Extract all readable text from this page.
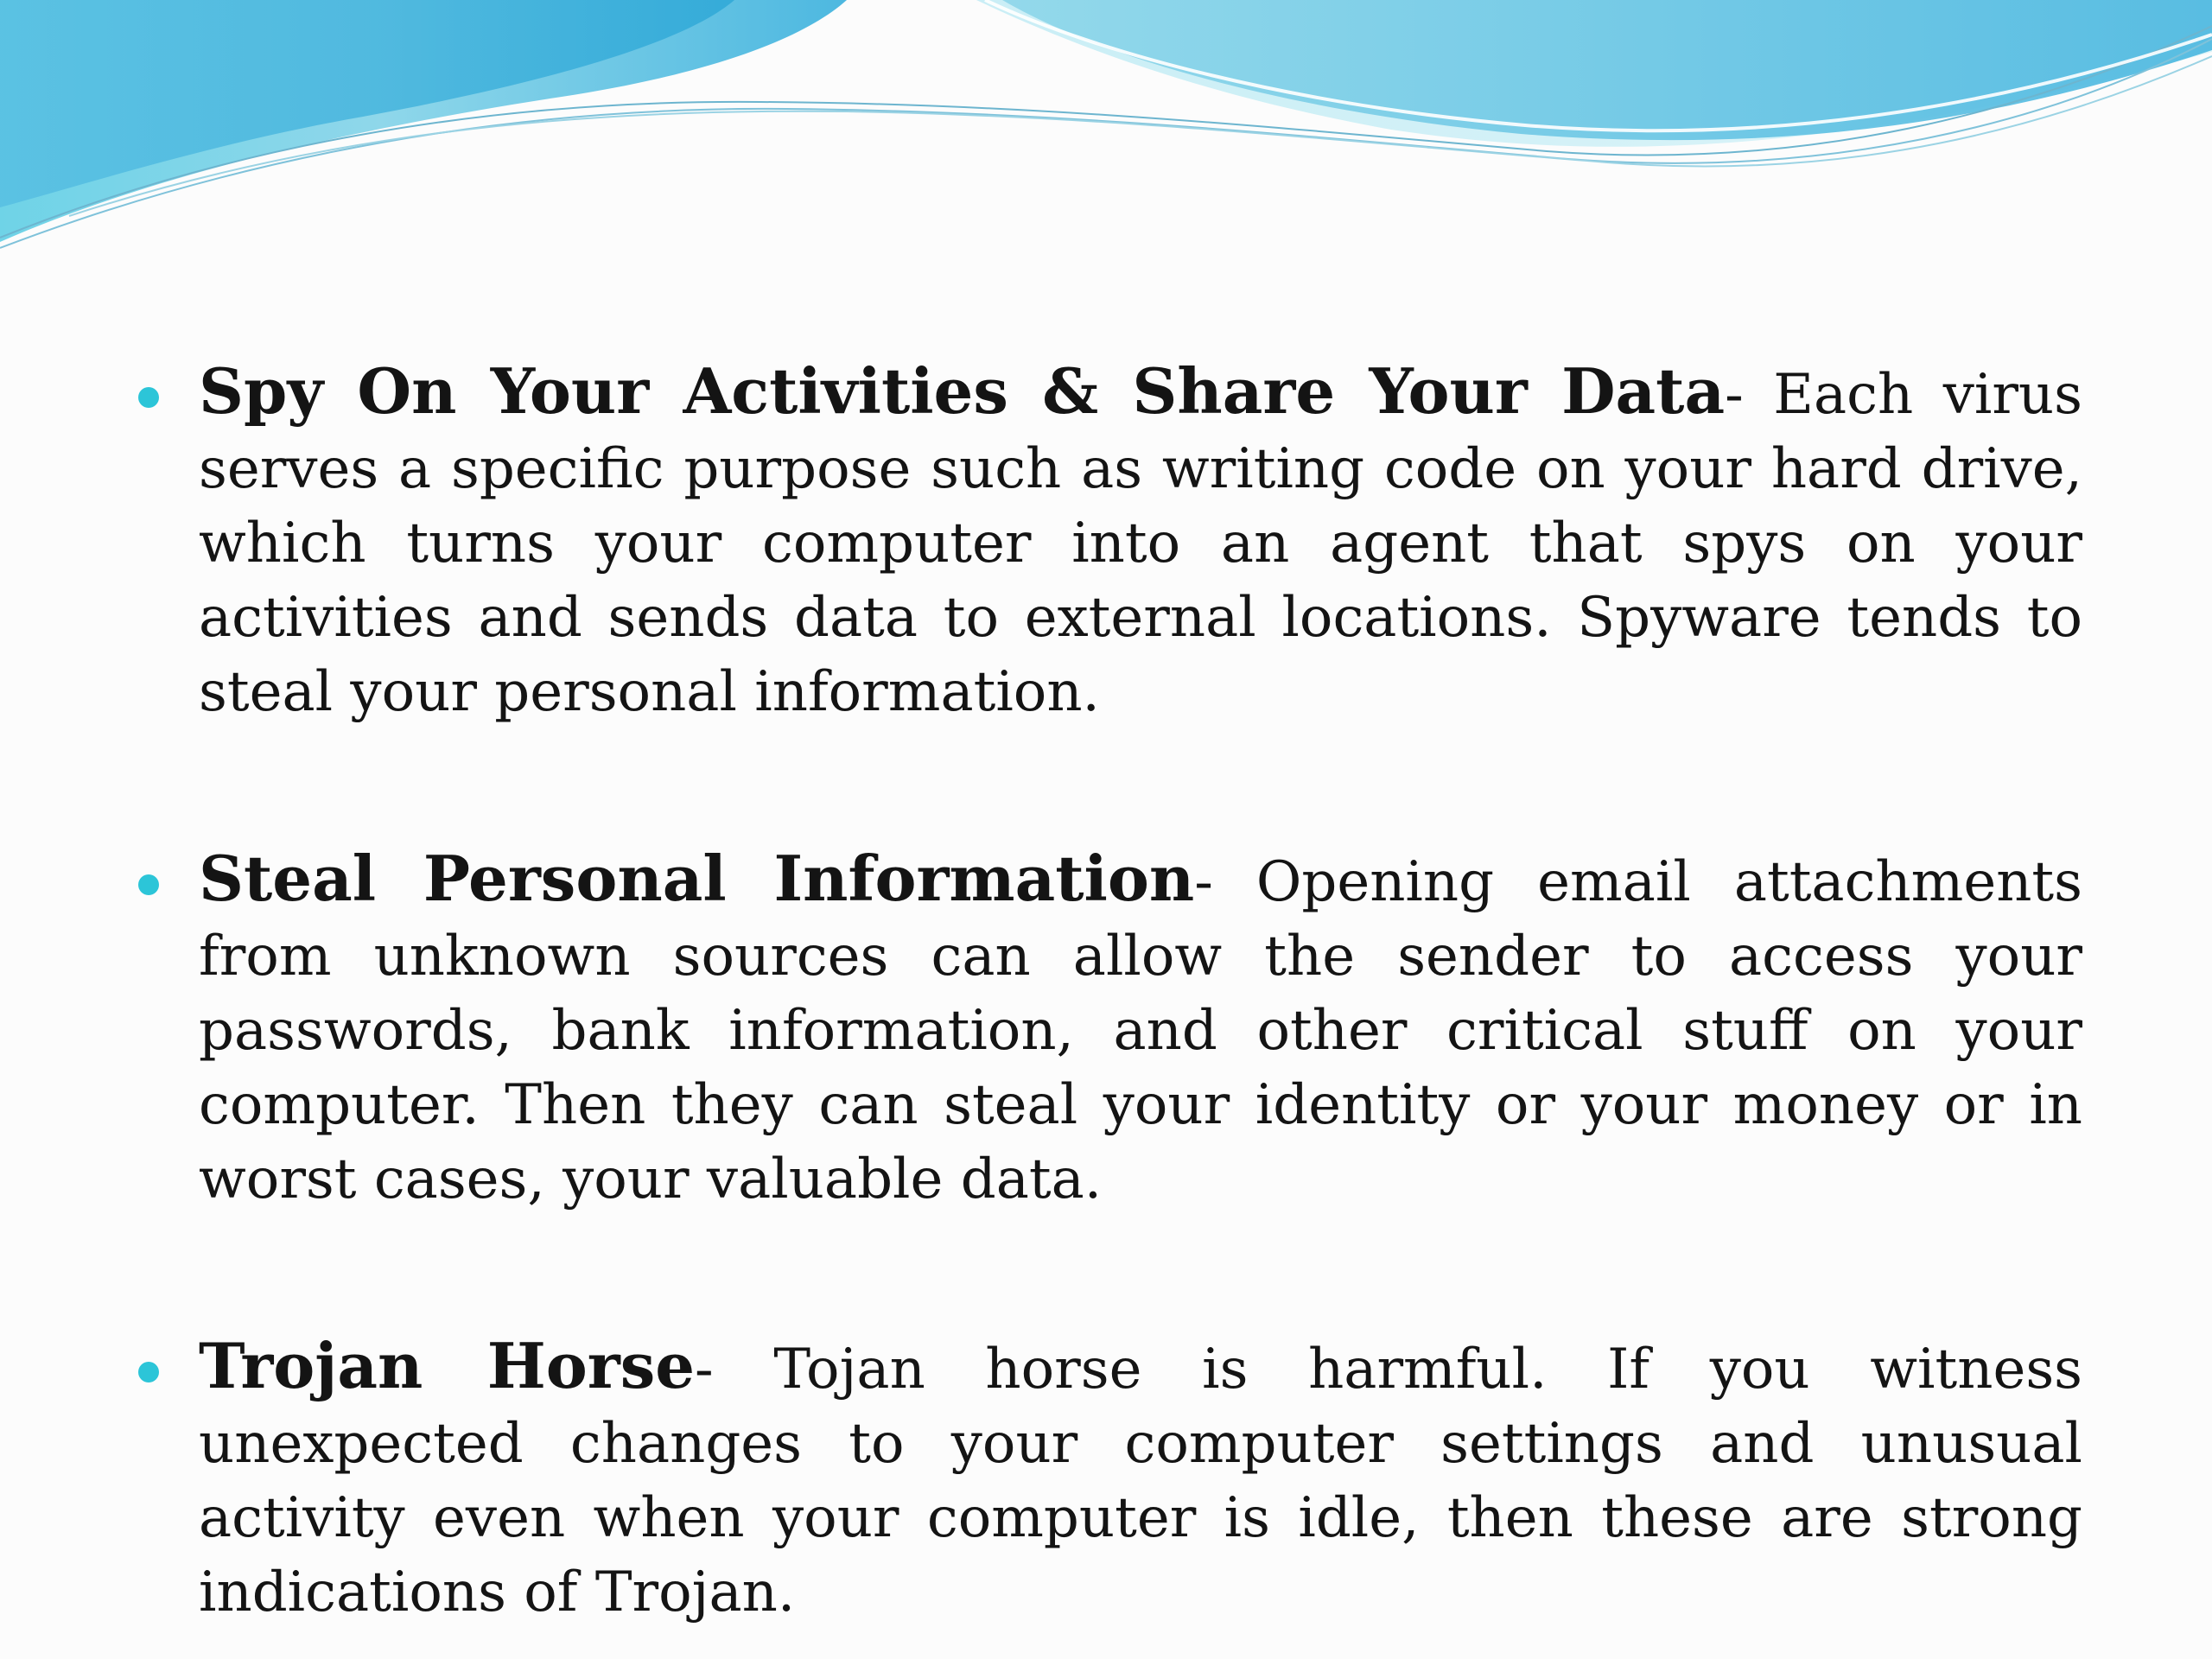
Spy On Your Activities & Share Your Data- Each virus serves a specific purpose such as writing code on your hard drive, which turns your computer into an agent that spys on your activities and sends data to external locations. Spyware tends to steal your personal information.
Steal Personal Information- Opening email attachments from unknown sources can allow the sender to access your passwords, bank information, and other critical stuff on your computer. Then they can steal your identity or your money or in worst cases, your valuable data.
Trojan Horse- Tojan horse is harmful. If you witness unexpected changes to your computer settings and unusual activity even when your computer is idle, then these are strong indications of Trojan.
